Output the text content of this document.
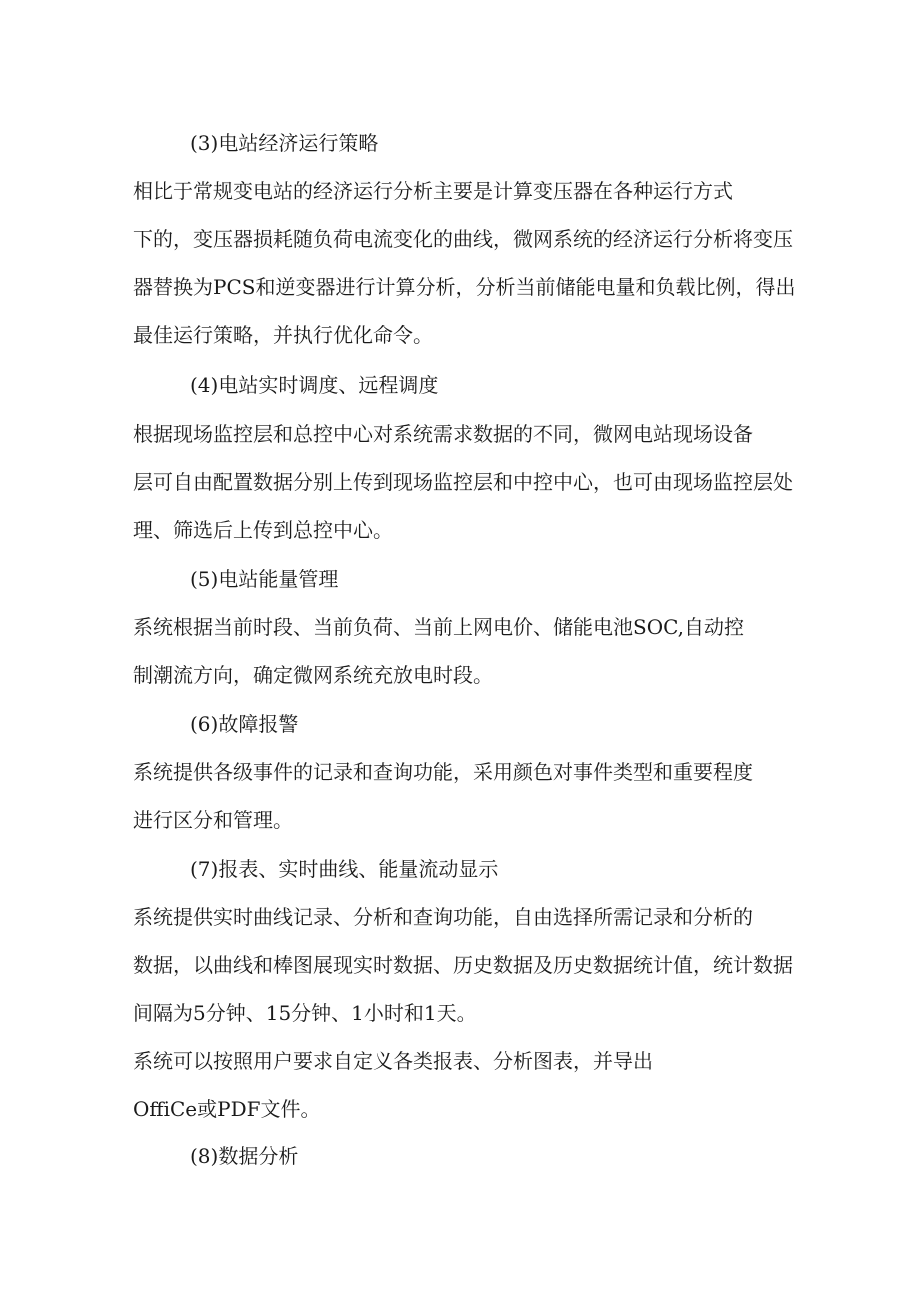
(3)电站经济运行策略

相比于常规变电站的经济运行分析主要是计算变压器在各种运行方式

下的，变压器损耗随负荷电流变化的曲线，微网系统的经济运行分析将变压

器替换为PCS和逆变器进行计算分析，分析当前储能电量和负载比例，得出

最佳运行策略，并执行优化命令。

(4)电站实时调度、远程调度

根据现场监控层和总控中心对系统需求数据的不同，微网电站现场设备

层可自由配置数据分别上传到现场监控层和中控中心，也可由现场监控层处

理、筛选后上传到总控中心。

(5)电站能量管理

系统根据当前时段、当前负荷、当前上网电价、储能电池SOC,自动控

制潮流方向，确定微网系统充放电时段。

(6)故障报警

系统提供各级事件的记录和查询功能，采用颜色对事件类型和重要程度

进行区分和管理。

(7)报表、实时曲线、能量流动显示

系统提供实时曲线记录、分析和查询功能，自由选择所需记录和分析的

数据，以曲线和棒图展现实时数据、历史数据及历史数据统计值，统计数据

间隔为5分钟、15分钟、1小时和1天。

系统可以按照用户要求自定义各类报表、分析图表，并导出

OffiCe或PDF文件。

(8)数据分析
